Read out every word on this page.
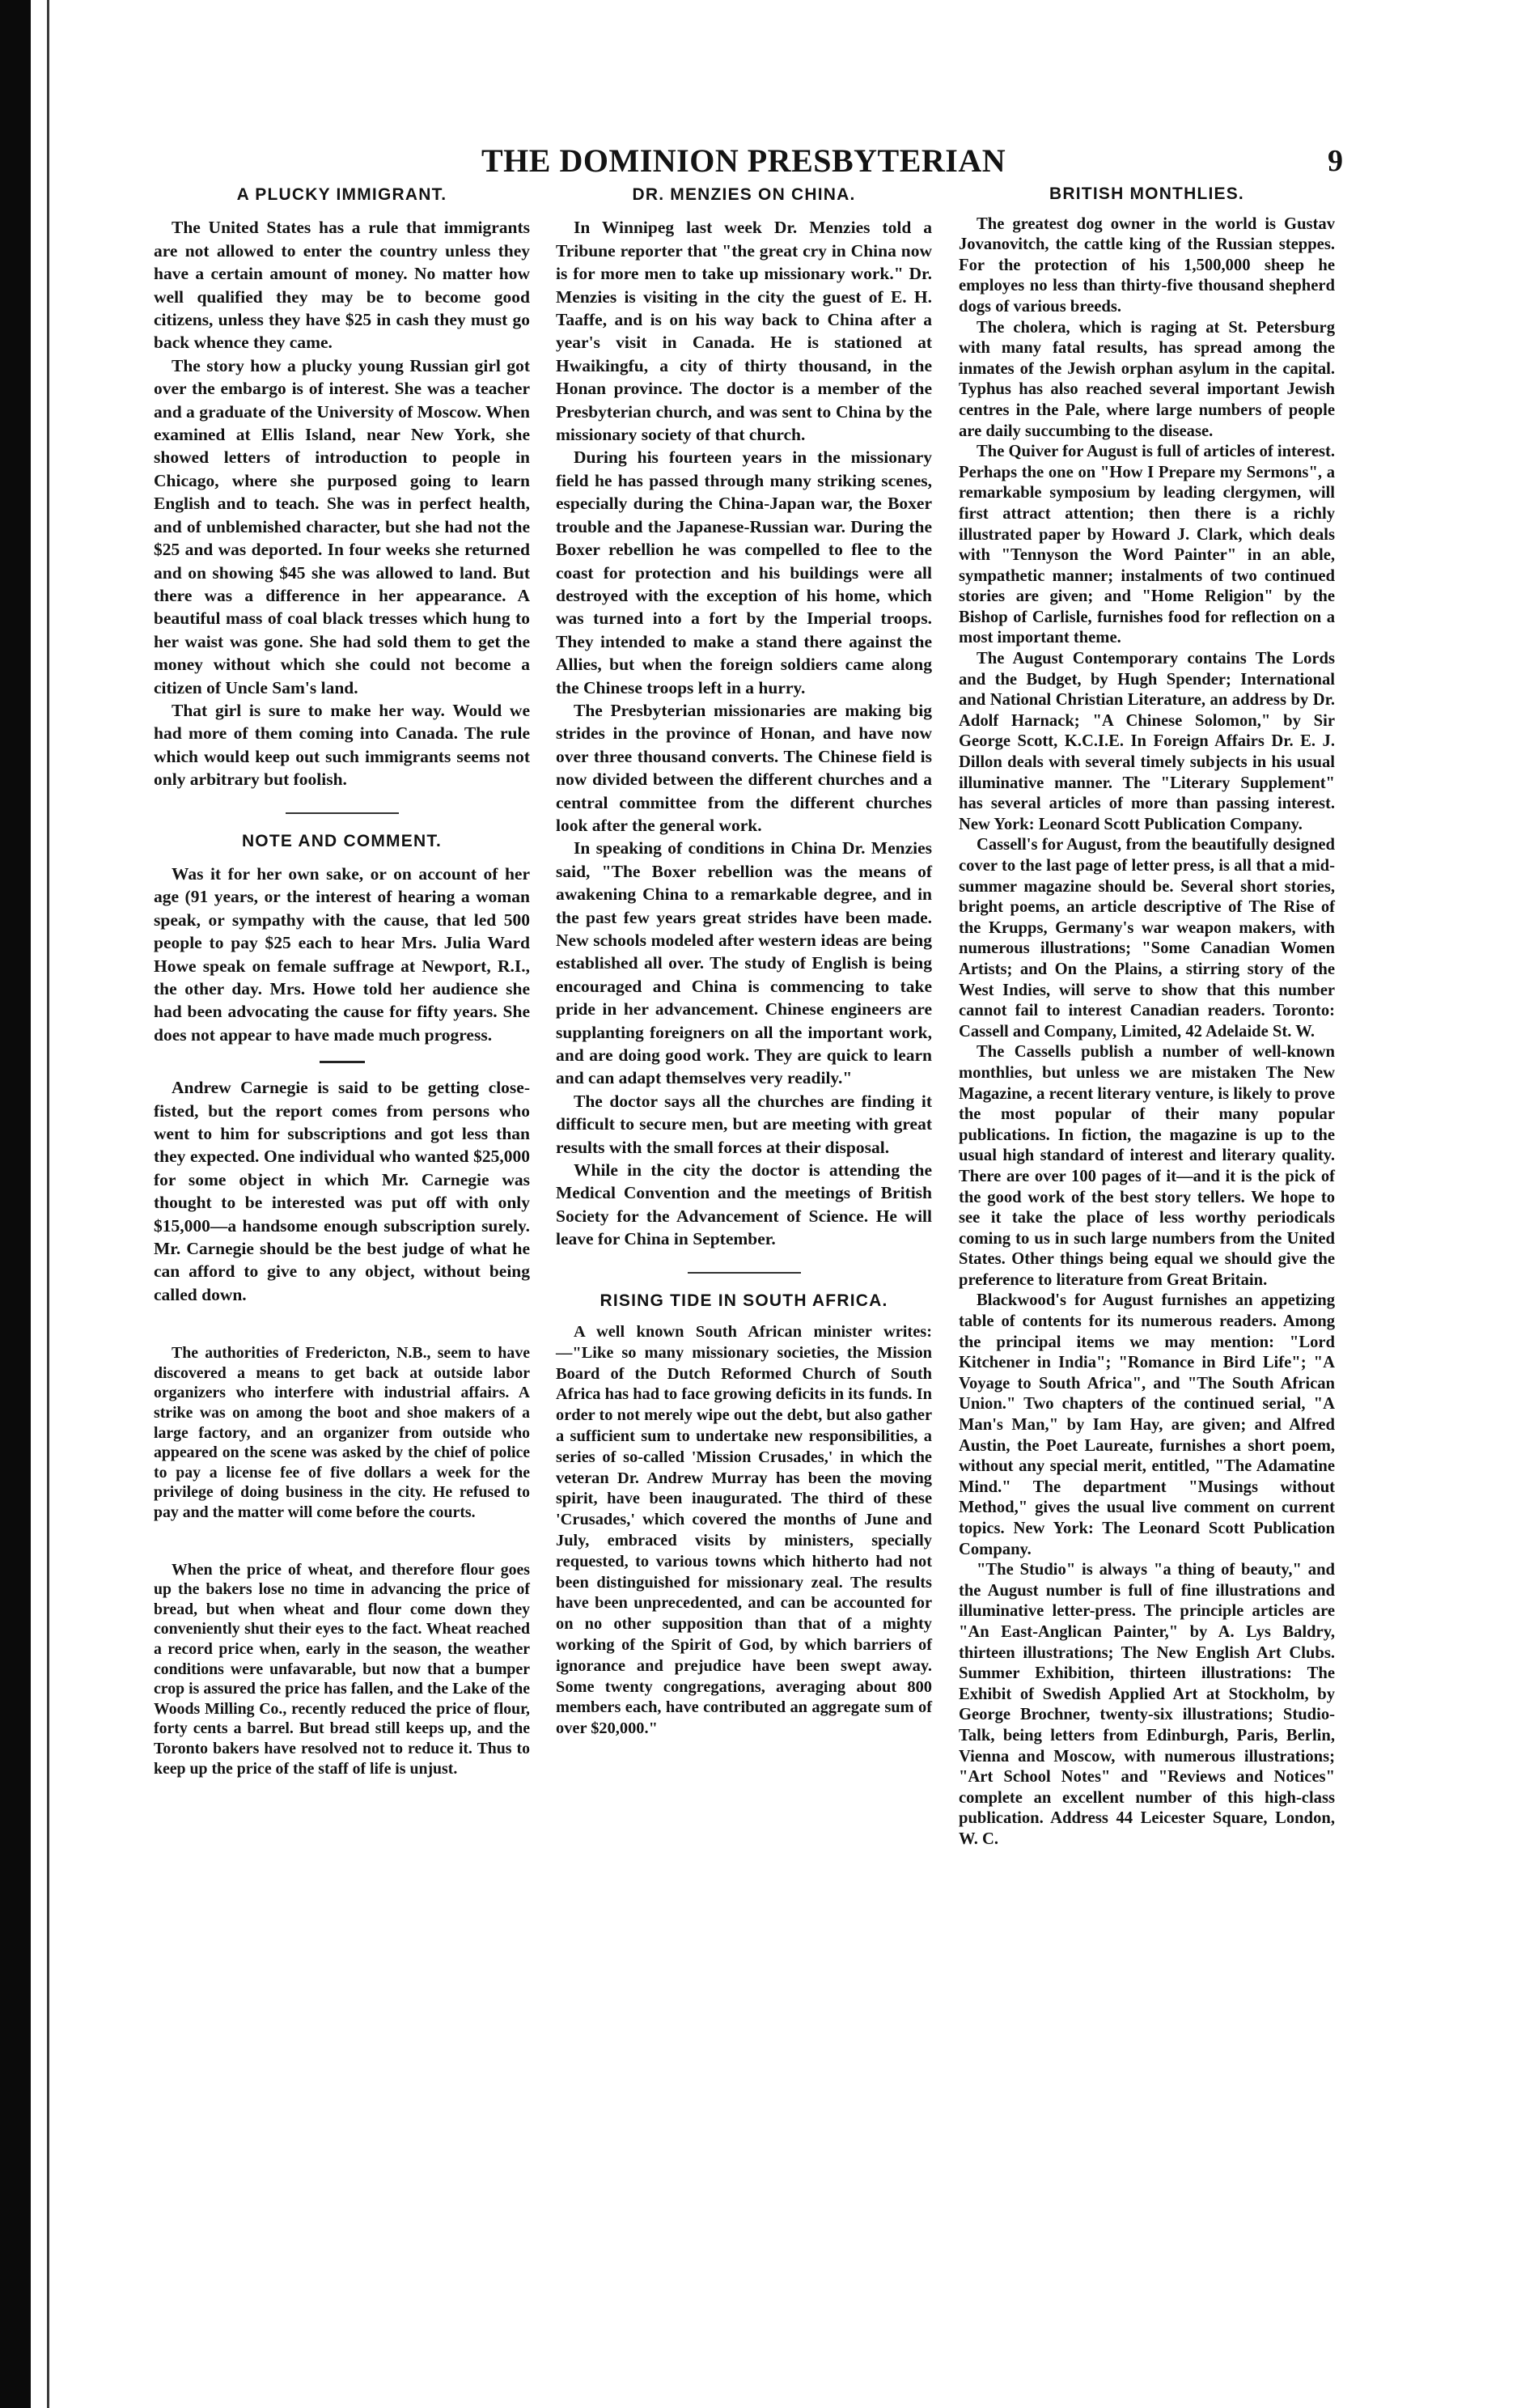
THE DOMINION PRESBYTERIAN	9
A PLUCKY IMMIGRANT.

The United States has a rule that immigrants are not allowed to enter the country unless they have a certain amount of money. No matter how well qualified they may be to become good citizens, unless they have $25 in cash they must go back whence they came.

The story how a plucky young Russian girl got over the embargo is of interest. She was a teacher and a graduate of the University of Moscow. When examined at Ellis Island, near New York, she showed letters of introduction to people in Chicago, where she purposed going to learn English and to teach. She was in perfect health, and of unblemished character, but she had not the $25 and was deported. In four weeks she returned and on showing $45 she was allowed to land. But there was a difference in her appearance. A beautiful mass of coal black tresses which hung to her waist was gone. She had sold them to get the money without which she could not become a citizen of Uncle Sam's land.

That girl is sure to make her way. Would we had more of them coming into Canada. The rule which would keep out such immigrants seems not only arbitrary but foolish.

NOTE AND COMMENT.

Was it for her own sake, or on account of her age (91 years, or the interest of hearing a woman speak, or sympathy with the cause, that led 500 people to pay $25 each to hear Mrs. Julia Ward Howe speak on female suffrage at Newport, R.I., the other day. Mrs. Howe told her audience she had been advocating the cause for fifty years. She does not appear to have made much progress.

Andrew Carnegie is said to be getting close-fisted, but the report comes from persons who went to him for subscriptions and got less than they expected. One individual who wanted $25,000 for some object in which Mr. Carnegie was thought to be interested was put off with only $15,000—a handsome enough subscription surely. Mr. Carnegie should be the best judge of what he can afford to give to any object, without being called down.

The authorities of Fredericton, N.B., seem to have discovered a means to get back at outside labor organizers who interfere with industrial affairs. A strike was on among the boot and shoe makers of a large factory, and an organizer from outside who appeared on the scene was asked by the chief of police to pay a license fee of five dollars a week for the privilege of doing business in the city. He refused to pay and the matter will come before the courts.

When the price of wheat, and therefore flour goes up the bakers lose no time in advancing the price of bread, but when wheat and flour come down they conveniently shut their eyes to the fact. Wheat reached a record price when, early in the season, the weather conditions were unfavarable, but now that a bumper crop is assured the price has fallen, and the Lake of the Woods Milling Co., recently reduced the price of flour, forty cents a barrel. But bread still keeps up, and the Toronto bakers have resolved not to reduce it. Thus to keep up the price of the staff of life is unjust.

DR. MENZIES ON CHINA.

In Winnipeg last week Dr. Menzies told a Tribune reporter that "the great cry in China now is for more men to take up missionary work." Dr. Menzies is visiting in the city the guest of E. H. Taaffe, and is on his way back to China after a year's visit in Canada. He is stationed at Hwaikingfu, a city of thirty thousand, in the Honan province. The doctor is a member of the Presbyterian church, and was sent to China by the missionary society of that church.

During his fourteen years in the missionary field he has passed through many striking scenes, especially during the China-Japan war, the Boxer trouble and the Japanese-Russian war. During the Boxer rebellion he was compelled to flee to the coast for protection and his buildings were all destroyed with the exception of his home, which was turned into a fort by the Imperial troops. They intended to make a stand there against the Allies, but when the foreign soldiers came along the Chinese troops left in a hurry.

The Presbyterian missionaries are making big strides in the province of Honan, and have now over three thousand converts. The Chinese field is now divided between the different churches and a central committee from the different churches look after the general work.

In speaking of conditions in China Dr. Menzies said, "The Boxer rebellion was the means of awakening China to a remarkable degree, and in the past few years great strides have been made. New schools modeled after western ideas are being established all over. The study of English is being encouraged and China is commencing to take pride in her advancement. Chinese engineers are supplanting foreigners on all the important work, and are doing good work. They are quick to learn and can adapt themselves very readily."

The doctor says all the churches are finding it difficult to secure men, but are meeting with great results with the small forces at their disposal.

While in the city the doctor is attending the Medical Convention and the meetings of British Society for the Advancement of Science. He will leave for China in September.

RISING TIDE IN SOUTH AFRICA.

A well known South African minister writes:—"Like so many missionary societies, the Mission Board of the Dutch Reformed Church of South Africa has had to face growing deficits in its funds. In order to not merely wipe out the debt, but also gather a sufficient sum to undertake new responsibilities, a series of so-called 'Mission Crusades,' in which the veteran Dr. Andrew Murray has been the moving spirit, have been inaugurated. The third of these 'Crusades,' which covered the months of June and July, embraced visits by ministers, specially requested, to various towns which hitherto had not been distinguished for missionary zeal. The results have been unprecedented, and can be accounted for on no other supposition than that of a mighty working of the Spirit of God, by which barriers of ignorance and prejudice have been swept away. Some twenty congregations, averaging about 800 members each, have contributed an aggregate sum of over $20,000."

BRITISH MONTHLIES.

The greatest dog owner in the world is Gustav Jovanovitch, the cattle king of the Russian steppes. For the protection of his 1,500,000 sheep he employes no less than thirty-five thousand shepherd dogs of various breeds.

The cholera, which is raging at St. Petersburg with many fatal results, has spread among the inmates of the Jewish orphan asylum in the capital. Typhus has also reached several important Jewish centres in the Pale, where large numbers of people are daily succumbing to the disease.

The Quiver for August is full of articles of interest. Perhaps the one on "How I Prepare my Sermons", a remarkable symposium by leading clergymen, will first attract attention; then there is a richly illustrated paper by Howard J. Clark, which deals with "Tennyson the Word Painter" in an able, sympathetic manner; instalments of two continued stories are given; and "Home Religion" by the Bishop of Carlisle, furnishes food for reflection on a most important theme.

The August Contemporary contains The Lords and the Budget, by Hugh Spender; International and National Christian Literature, an address by Dr. Adolf Harnack; "A Chinese Solomon," by Sir George Scott, K.C.I.E. In Foreign Affairs Dr. E. J. Dillon deals with several timely subjects in his usual illuminative manner. The "Literary Supplement" has several articles of more than passing interest. New York: Leonard Scott Publication Company.

Cassell's for August, from the beautifully designed cover to the last page of letter press, is all that a mid-summer magazine should be. Several short stories, bright poems, an article descriptive of The Rise of the Krupps, Germany's war weapon makers, with numerous illustrations; "Some Canadian Women Artists; and On the Plains, a stirring story of the West Indies, will serve to show that this number cannot fail to interest Canadian readers. Toronto: Cassell and Company, Limited, 42 Adelaide St. W.

The Cassells publish a number of well-known monthlies, but unless we are mistaken The New Magazine, a recent literary venture, is likely to prove the most popular of their many popular publications. In fiction, the magazine is up to the usual high standard of interest and literary quality. There are over 100 pages of it—and it is the pick of the good work of the best story tellers. We hope to see it take the place of less worthy periodicals coming to us in such large numbers from the United States. Other things being equal we should give the preference to literature from Great Britain.

Blackwood's for August furnishes an appetizing table of contents for its numerous readers. Among the principal items we may mention: "Lord Kitchener in India"; "Romance in Bird Life"; "A Voyage to South Africa", and "The South African Union." Two chapters of the continued serial, "A Man's Man," by Iam Hay, are given; and Alfred Austin, the Poet Laureate, furnishes a short poem, without any special merit, entitled, "The Adamatine Mind." The department "Musings without Method," gives the usual live comment on current topics. New York: The Leonard Scott Publication Company.

"The Studio" is always "a thing of beauty," and the August number is full of fine illustrations and illuminative letter-press. The principle articles are "An East-Anglican Painter," by A. Lys Baldry, thirteen illustrations; The New English Art Clubs. Summer Exhibition, thirteen illustrations: The Exhibit of Swedish Applied Art at Stockholm, by George Brochner, twenty-six illustrations; Studio-Talk, being letters from Edinburgh, Paris, Berlin, Vienna and Moscow, with numerous illustrations; "Art School Notes" and "Reviews and Notices" complete an excellent number of this high-class publication. Address 44 Leicester Square, London, W. C.
